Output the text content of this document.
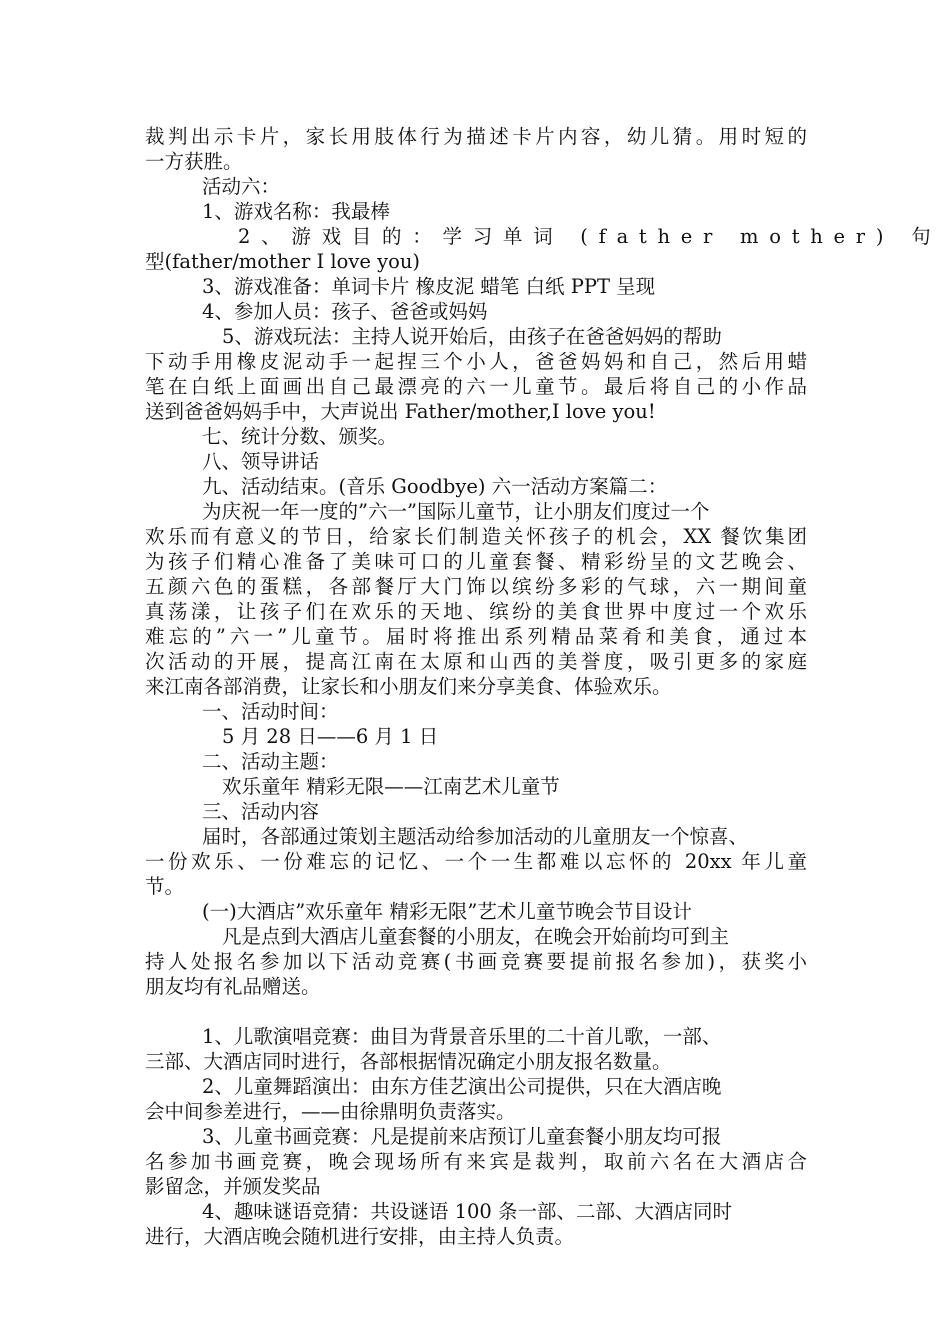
裁判出示卡片，家长用肢体行为描述卡片内容，幼儿猜。用时短的
一方获胜。
活动六：
1、游戏名称：我最棒
2、游戏目的：学习单词 (father mother) 句
型(father/mother I love you)
3、游戏准备：单词卡片 橡皮泥 蜡笔 白纸 PPT 呈现
4、参加人员：孩子、爸爸或妈妈
5、游戏玩法：主持人说开始后，由孩子在爸爸妈妈的帮助
下动手用橡皮泥动手一起捏三个小人，爸爸妈妈和自己，然后用蜡
笔在白纸上面画出自己最漂亮的六一儿童节。最后将自己的小作品
送到爸爸妈妈手中，大声说出 Father/mother,I love you!
七、统计分数、颁奖。
八、领导讲话
九、活动结束。(音乐 Goodbye) 六一活动方案篇二：
为庆祝一年一度的”六一”国际儿童节，让小朋友们度过一个
欢乐而有意义的节日，给家长们制造关怀孩子的机会，XX 餐饮集团
为孩子们精心准备了美味可口的儿童套餐、精彩纷呈的文艺晚会、
五颜六色的蛋糕，各部餐厅大门饰以缤纷多彩的气球，六一期间童
真荡漾，让孩子们在欢乐的天地、缤纷的美食世界中度过一个欢乐
难忘的”六一”儿童节。届时将推出系列精品菜肴和美食，通过本
次活动的开展，提高江南在太原和山西的美誉度，吸引更多的家庭
来江南各部消费，让家长和小朋友们来分享美食、体验欢乐。
一、活动时间：
5 月 28 日——6 月 1 日
二、活动主题：
欢乐童年 精彩无限——江南艺术儿童节
三、活动内容
届时，各部通过策划主题活动给参加活动的儿童朋友一个惊喜、
一份欢乐、一份难忘的记忆、一个一生都难以忘怀的 20xx 年儿童
节。
(一)大酒店”欢乐童年 精彩无限”艺术儿童节晚会节目设计
凡是点到大酒店儿童套餐的小朋友，在晚会开始前均可到主
持人处报名参加以下活动竞赛(书画竞赛要提前报名参加)，获奖小
朋友均有礼品赠送。
1、儿歌演唱竞赛：曲目为背景音乐里的二十首儿歌，一部、
三部、大酒店同时进行，各部根据情况确定小朋友报名数量。
2、儿童舞蹈演出：由东方佳艺演出公司提供，只在大酒店晚
会中间参差进行，——由徐鼎明负责落实。
3、儿童书画竞赛：凡是提前来店预订儿童套餐小朋友均可报
名参加书画竞赛，晚会现场所有来宾是裁判，取前六名在大酒店合
影留念，并颁发奖品
4、趣味谜语竞猜：共设谜语 100 条一部、二部、大酒店同时
进行，大酒店晚会随机进行安排，由主持人负责。
